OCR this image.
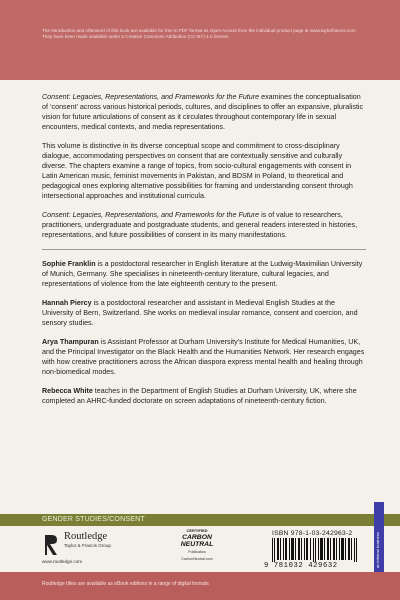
The Introduction and Afterword of this book are available for free in PDF format as Open Access from the individual product page at www.taylorfrancis.com. They have been made available under a Creative Commons Attribution (CC-BY) 4.0 license.

Consent: Legacies, Representations, and Frameworks for the Future examines the conceptualisation of ‘consent’ across various historical periods, cultures, and disciplines to offer an expansive, pluralistic vision for future articulations of consent as it circulates throughout contemporary life in sexual encounters, medical contexts, and media representations.

This volume is distinctive in its diverse conceptual scope and commitment to cross-disciplinary dialogue, accommodating perspectives on consent that are contextually sensitive and culturally diverse. The chapters examine a range of topics, from socio-cultural engagements with consent in Latin American music, feminist movements in Pakistan, and BDSM in Poland, to theoretical and pedagogical ones exploring alternative possibilities for framing and understanding consent through intersectional approaches and institutional curricula.

Consent: Legacies, Representations, and Frameworks for the Future is of value to researchers, practitioners, undergraduate and postgraduate students, and general readers interested in histories, representations, and future possibilities of consent in its many manifestations.

Sophie Franklin is a postdoctoral researcher in English literature at the Ludwig-Maximilian University of Munich, Germany. She specialises in nineteenth-century literature, cultural legacies, and representations of violence from the late eighteenth century to the present.

Hannah Piercy is a postdoctoral researcher and assistant in Medieval English Studies at the University of Bern, Switzerland. She works on medieval insular romance, consent and coercion, and sensory studies.

Arya Thampuran is Assistant Professor at Durham University’s Institute for Medical Humanities, UK, and the Principal Investigator on the Black Health and the Humanities Network. Her research engages with how creative practitioners across the African diaspora express mental health and healing through non-biomedical modes.

Rebecca White teaches in the Department of English Studies at Durham University, UK, where she completed an AHRC-funded doctorate on screen adaptations of nineteenth-century fiction.

GENDER STUDIES/CONSENT
Routledge
Taylor & Francis Group
www.routledge.com
CERTIFIED
CARBON NEUTRAL
Publication
CarbonNeutral.com
ISBN 978-1-03-242963-2
9 781032 429632	an informa business
Routledge titles are available as eBook editions in a range of digital formats
